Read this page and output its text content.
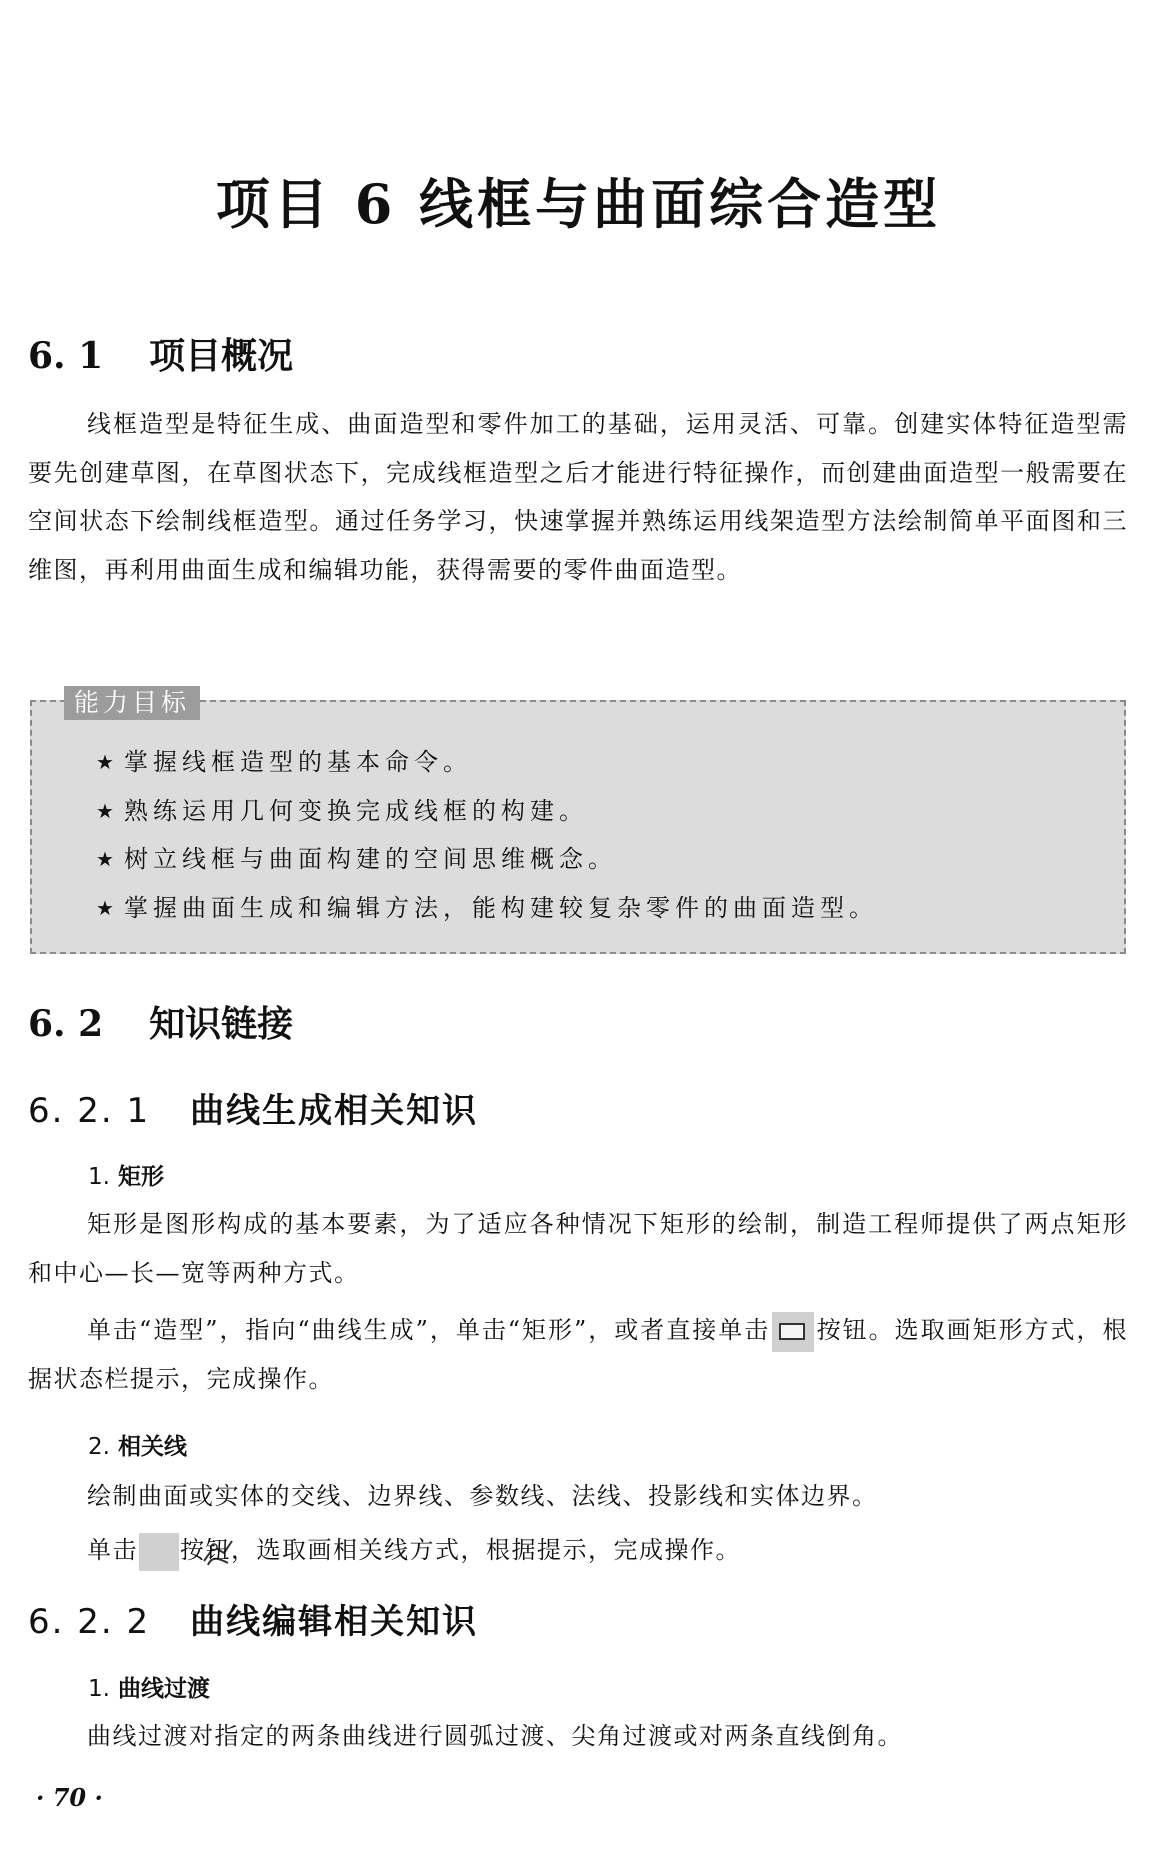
项目 6 线框与曲面综合造型
6. 1 项目概况
线框造型是特征生成、曲面造型和零件加工的基础，运用灵活、可靠。创建实体特征造型需要先创建草图，在草图状态下，完成线框造型之后才能进行特征操作，而创建曲面造型一般需要在空间状态下绘制线框造型。通过任务学习，快速掌握并熟练运用线架造型方法绘制简单平面图和三维图，再利用曲面生成和编辑功能，获得需要的零件曲面造型。
能力目标
★ 掌握线框造型的基本命令。
★ 熟练运用几何变换完成线框的构建。
★ 树立线框与曲面构建的空间思维概念。
★ 掌握曲面生成和编辑方法，能构建较复杂零件的曲面造型。
6. 2 知识链接
6. 2. 1 曲线生成相关知识
1. 矩形
矩形是图形构成的基本要素，为了适应各种情况下矩形的绘制，制造工程师提供了两点矩形和中心—长—宽等两种方式。
单击“造型”，指向“曲线生成”，单击“矩形”，或者直接单击 按钮。选取画矩形方式，根据状态栏提示，完成操作。
2. 相关线
绘制曲面或实体的交线、边界线、参数线、法线、投影线和实体边界。
单击 按钮，选取画相关线方式，根据提示，完成操作。
6. 2. 2 曲线编辑相关知识
1. 曲线过渡
曲线过渡对指定的两条曲线进行圆弧过渡、尖角过渡或对两条直线倒角。
· 70 ·
